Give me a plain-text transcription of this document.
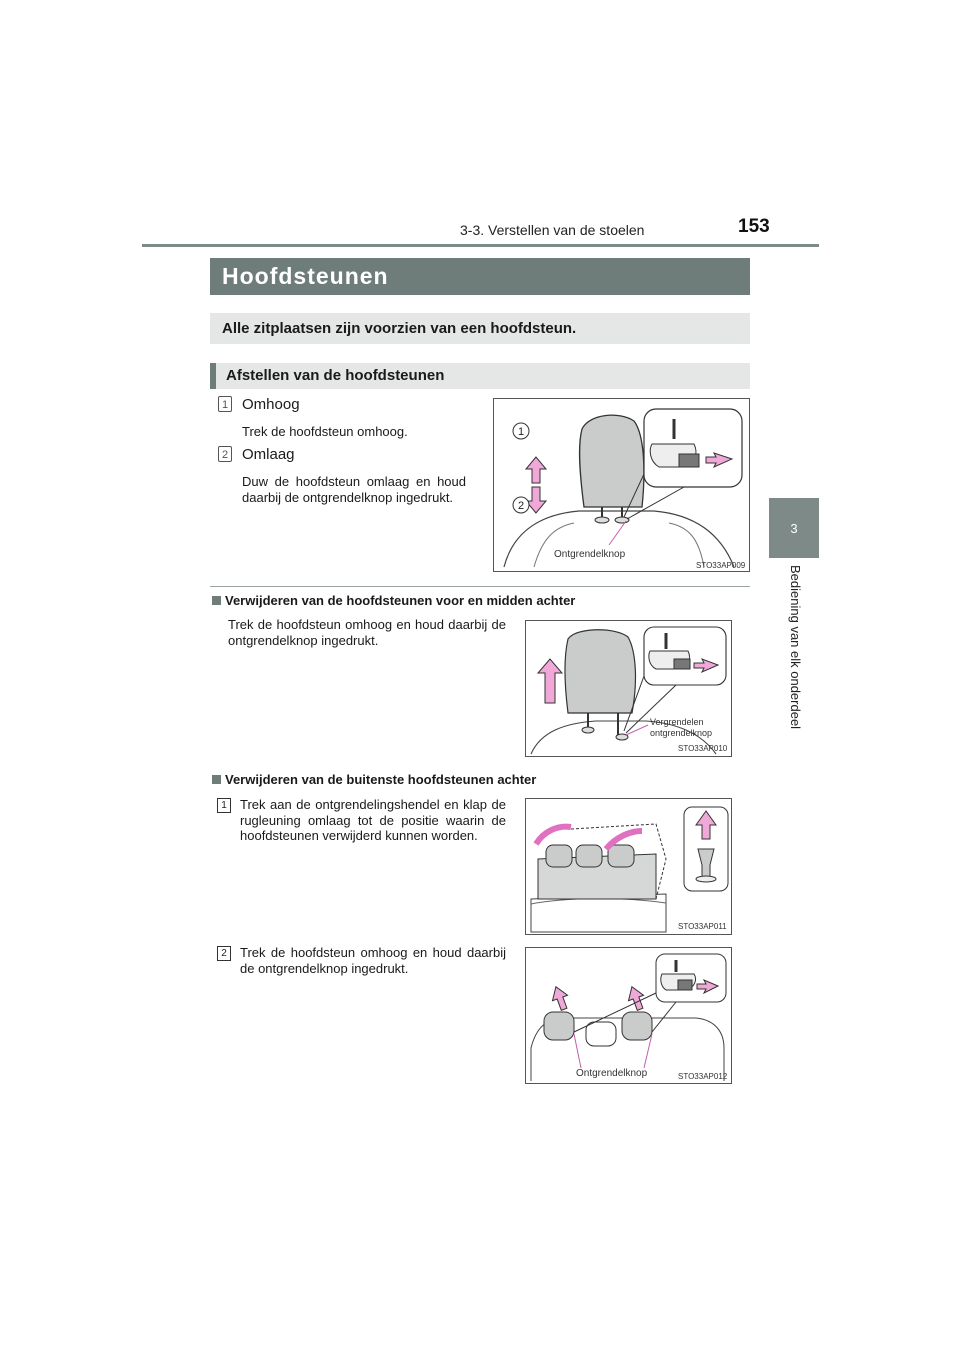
3-3. Verstellen van de stoelen	153
3
Bediening van elk onderdeel
Hoofdsteunen
Alle zitplaatsen zijn voorzien van een hoofdsteun.
Afstellen van de hoofdsteunen
1 Omhoog
Trek de hoofdsteun omhoog.
2 Omlaag
Duw de hoofdsteun omlaag en houd daarbij de ontgrendelknop ingedrukt.
1
2
Ontgrendelknop
STO33AP009
Verwijderen van de hoofdsteunen voor en midden achter
Trek de hoofdsteun omhoog en houd daarbij de ontgrendelknop ingedrukt.
Vergrendelen
ontgrendelknop
STO33AP010
Verwijderen van de buitenste hoofdsteunen achter
1	Trek aan de ontgrendelingshendel en klap de rugleuning omlaag tot de positie waarin de hoofdsteunen verwijderd kunnen worden.
STO33AP011
2	Trek de hoofdsteun omhoog en houd daarbij de ontgrendelknop ingedrukt.
Ontgrendelknop	STO33AP012
